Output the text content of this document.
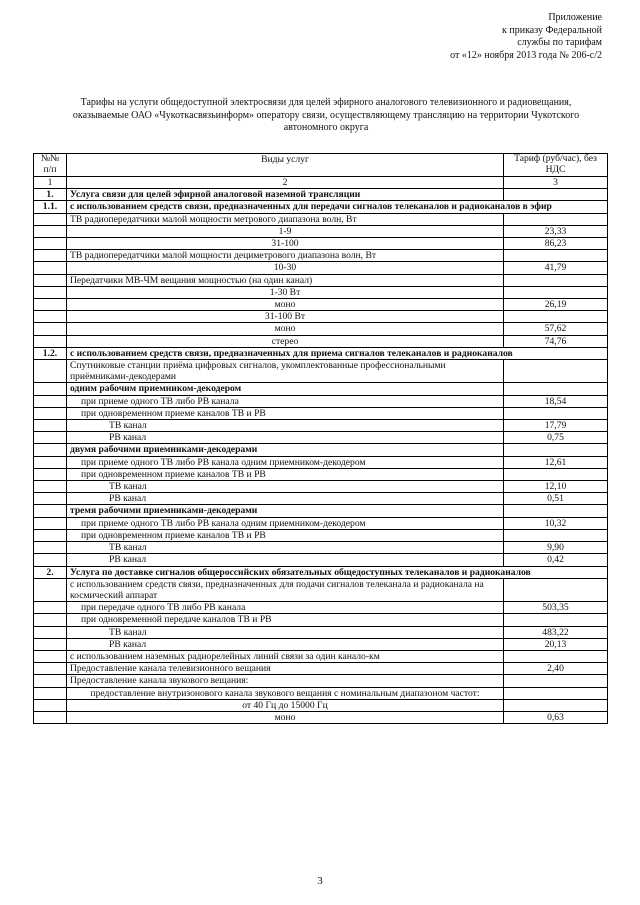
Приложение
к приказу Федеральной
службы по тарифам
от «12» ноября 2013 года № 206-с/2
Тарифы на услуги общедоступной электросвязи для целей эфирного аналогового телевизионного и радиовещания,
оказываемые ОАО «Чукоткасвязьинформ» оператору связи, осуществляющему трансляцию на территории Чукотского
автономного округа
№№ п/п	Виды услуг	Тариф (руб/час), без НДС
1	2	3
1.	Услуга связи для целей эфирной аналоговой наземной трансляции	
1.1.	с использованием средств связи, предназначенных для передачи сигналов телеканалов и радиоканалов в эфир	
	ТВ радиопередатчики малой мощности метрового диапазона волн, Вт	
	1-9	23,33
	31-100	86,23
	ТВ радиопередатчики малой мощности дециметрового диапазона волн, Вт	
	10-30	41,79
	Передатчики МВ-ЧМ вещания мощностью (на один канал)	
	1-30 Вт	
	моно	26,19
	31-100 Вт	
	моно	57,62
	стерео	74,76
1.2.	с использованием средств связи, предназначенных для приема сигналов телеканалов и радиоканалов	
	Спутниковые станции приёма цифровых сигналов, укомплектованные профессиональными приёмниками-декодерами	
	одним рабочим приемником-декодером	
	при приеме одного ТВ либо РВ канала	18,54
	при одновременном приеме каналов ТВ и РВ	
	ТВ канал	17,79
	РВ канал	0,75
	двумя рабочими приемниками-декодерами	
	при приеме одного ТВ либо РВ канала одним приемником-декодером	12,61
	при одновременном приеме каналов ТВ и РВ	
	ТВ канал	12,10
	РВ канал	0,51
	тремя рабочими приемниками-декодерами	
	при приеме одного ТВ либо РВ канала одним приемником-декодером	10,32
	при одновременном приеме каналов ТВ и РВ	
	ТВ канал	9,90
	РВ канал	0,42
2.	Услуга по доставке сигналов общероссийских обязательных общедоступных телеканалов и радиоканалов	
	с использованием средств связи, предназначенных для подачи сигналов телеканала и радиоканала на космический аппарат	
	при передаче одного ТВ либо РВ канала	503,35
	при одновременной передаче каналов ТВ и РВ	
	ТВ канал	483,22
	РВ канал	20,13
	с использованием наземных радиорелейных линий связи за один канало-км	
	Предоставление канала телевизионного вещания	2,40
	Предоставление канала звукового вещания:	
	предоставление внутризонового канала звукового вещания с номинальным диапазоном частот:	
	от 40 Гц до 15000 Гц	
	моно	0,63
3
